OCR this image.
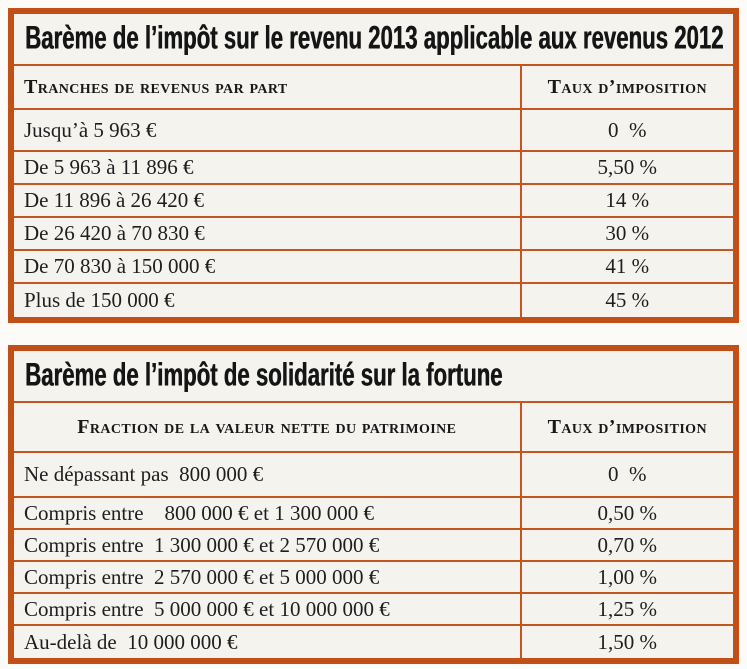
Barème de l’impôt sur le revenu 2013 applicable aux revenus 2012
Tranches de revenus par part	Taux d’imposition
Jusqu’à 5 963 €	0  %
De 5 963 à 11 896 €	5,50 %
De 11 896 à 26 420 €	14 %
De 26 420 à 70 830 €	30 %
De 70 830 à 150 000 €	41 %
Plus de 150 000 €	45 %
Barème de l’impôt de solidarité sur la fortune
Fraction de la valeur nette du patrimoine	Taux d’imposition
Ne dépassant pas  800 000 €	0  %
Compris entre    800 000 € et 1 300 000 €	0,50 %
Compris entre  1 300 000 € et 2 570 000 €	0,70 %
Compris entre  2 570 000 € et 5 000 000 €	1,00 %
Compris entre  5 000 000 € et 10 000 000 €	1,25 %
Au-delà de  10 000 000 €	1,50 %
